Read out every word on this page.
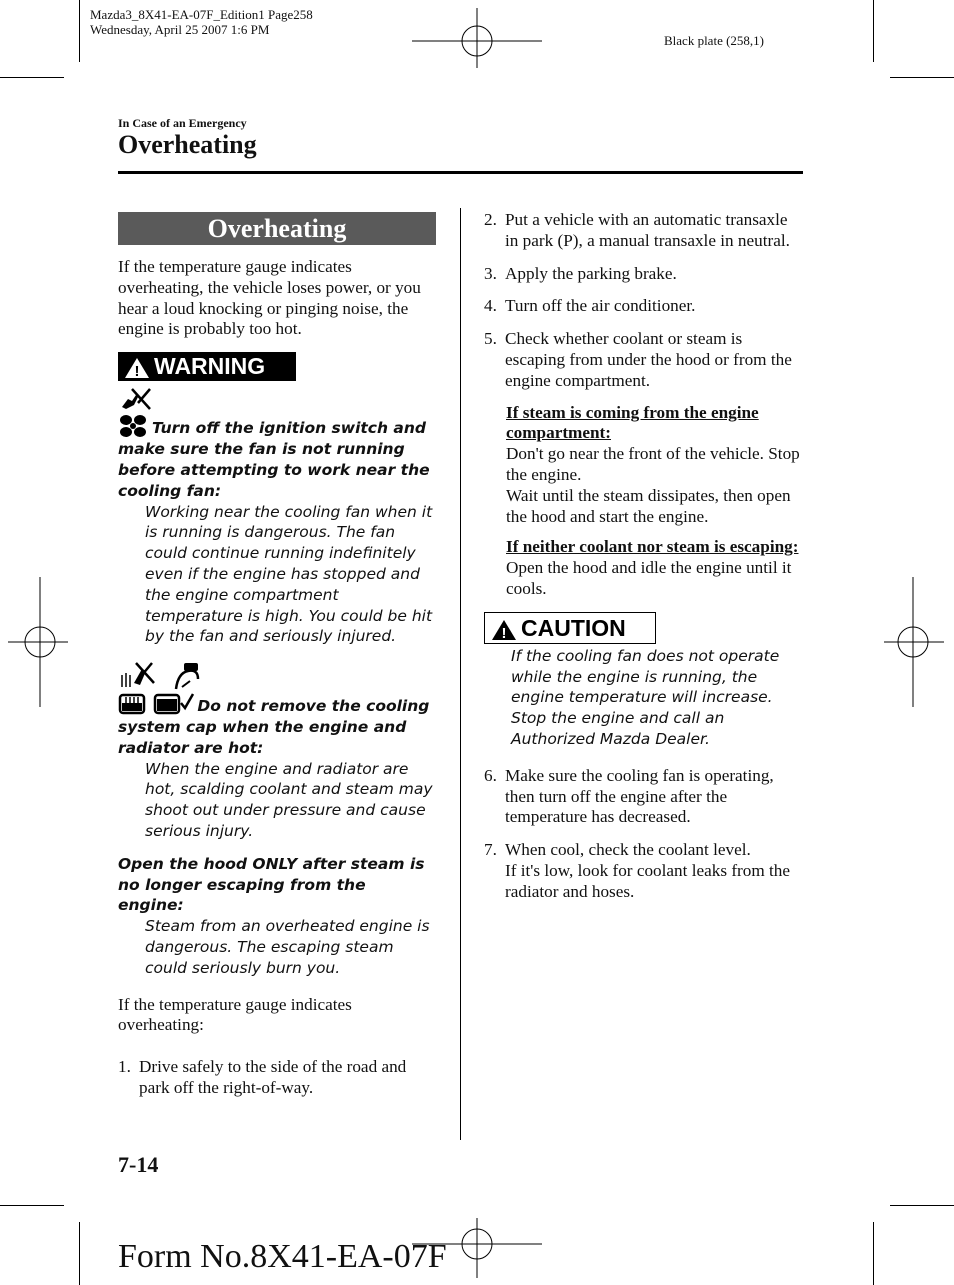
Mazda3_8X41-EA-07F_Edition1 Page258
Wednesday, April 25 2007 1:6 PM
Black plate (258,1)
In Case of an Emergency
Overheating
Overheating

If the temperature gauge indicates overheating, the vehicle loses power, or you hear a loud knocking or pinging noise, the engine is probably too hot.

! WARNING
Turn off the ignition switch and make sure the fan is not running before attempting to work near the cooling fan:
Working near the cooling fan when it is running is dangerous. The fan could continue running indefinitely even if the engine has stopped and the engine compartment temperature is high. You could be hit by the fan and seriously injured.

Do not remove the cooling system cap when the engine and radiator are hot:
When the engine and radiator are hot, scalding coolant and steam may shoot out under pressure and cause serious injury.
Open the hood ONLY after steam is no longer escaping from the engine:
Steam from an overheated engine is dangerous. The escaping steam could seriously burn you.

If the temperature gauge indicates overheating:

1. Drive safely to the side of the road and park off the right-of-way.
2. Put a vehicle with an automatic transaxle in park (P), a manual transaxle in neutral.
3. Apply the parking brake.
4. Turn off the air conditioner.
5. Check whether coolant or steam is escaping from under the hood or from the engine compartment.
If steam is coming from the engine compartment:

Don't go near the front of the vehicle. Stop the engine.

Wait until the steam dissipates, then open the hood and start the engine.

If neither coolant nor steam is escaping:

Open the hood and idle the engine until it cools.

! CAUTION
If the cooling fan does not operate while the engine is running, the engine temperature will increase. Stop the engine and call an Authorized Mazda Dealer.
6. Make sure the cooling fan is operating, then turn off the engine after the temperature has decreased.
7. When cool, check the coolant level.
If it's low, look for coolant leaks from the radiator and hoses.
7-14
Form No.8X41-EA-07F
